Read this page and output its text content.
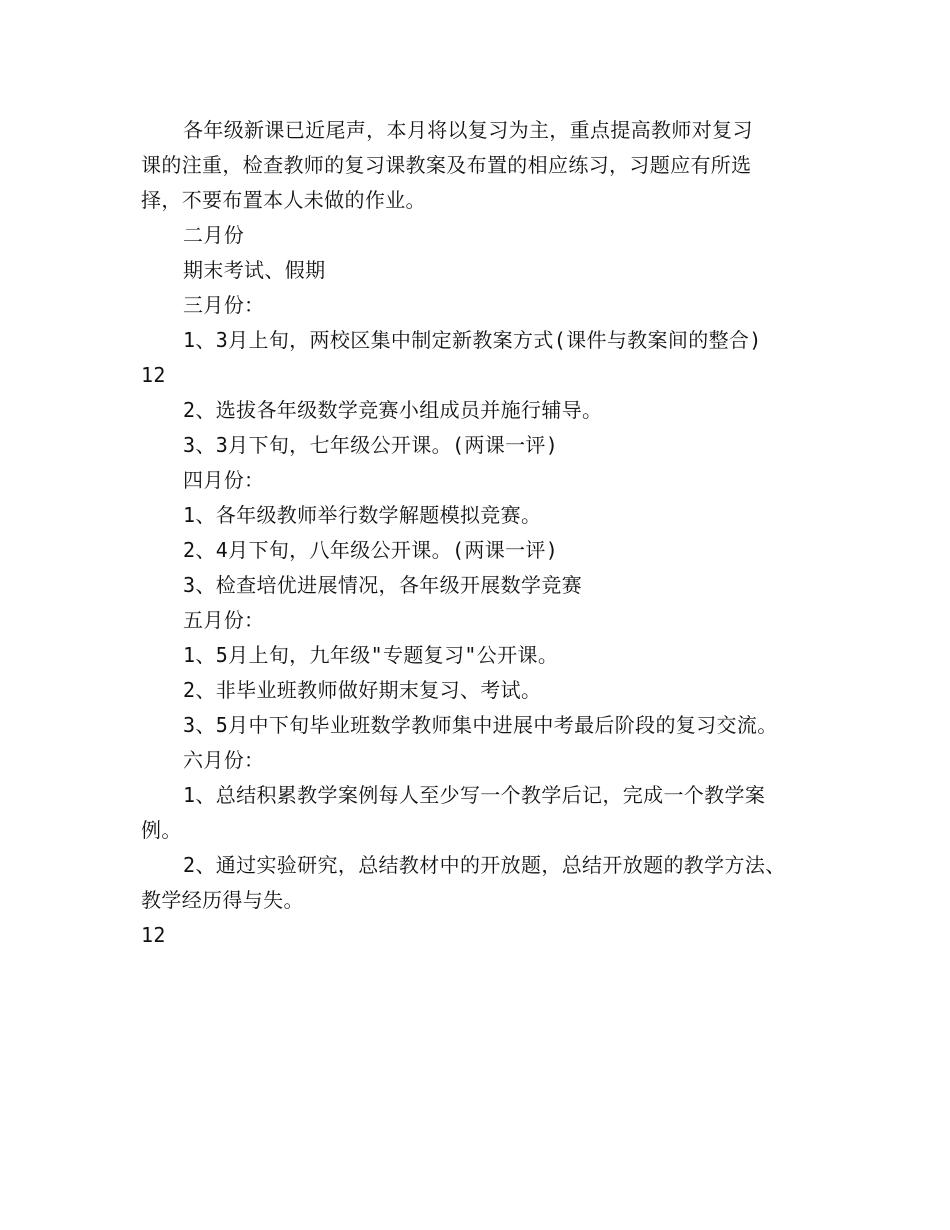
各年级新课已近尾声，本月将以复习为主，重点提高教师对复习

课的注重，检查教师的复习课教案及布置的相应练习，习题应有所选

择，不要布置本人未做的作业。

二月份

期末考试、假期

三月份：

1、3月上旬，两校区集中制定新教案方式(课件与教案间的整合)

12

2、选拔各年级数学竞赛小组成员并施行辅导。

3、3月下旬，七年级公开课。(两课一评)

四月份：

1、各年级教师举行数学解题模拟竞赛。

2、4月下旬，八年级公开课。(两课一评)

3、检查培优进展情况，各年级开展数学竞赛

五月份：

1、5月上旬，九年级"专题复习"公开课。

2、非毕业班教师做好期末复习、考试。

3、5月中下旬毕业班数学教师集中进展中考最后阶段的复习交流。

六月份：

1、总结积累教学案例每人至少写一个教学后记，完成一个教学案

例。

2、通过实验研究，总结教材中的开放题，总结开放题的教学方法、

教学经历得与失。

12
